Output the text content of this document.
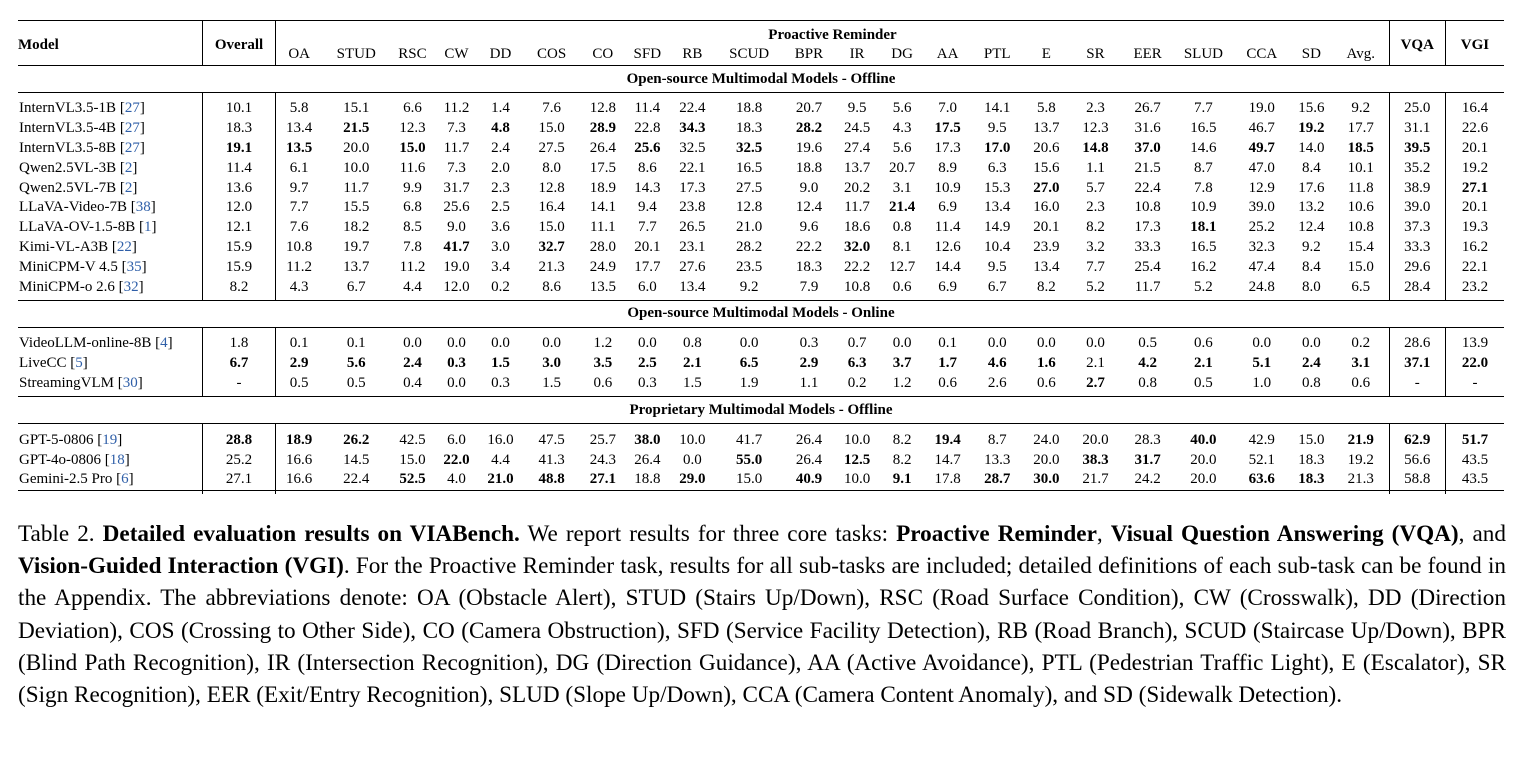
Model	Overall	Proactive Reminder																						VQA	VGI
		OA	STUD	RSC	CW	DD	COS	CO	SFD	RB	SCUD	BPR	IR	DG	AA	PTL	E	SR	EER	SLUD	CCA	SD	Avg.		
Open-source Multimodal Models - Offline																									

InternVL3.5-1B [27]	10.1	5.8	15.1	6.6	11.2	1.4	7.6	12.8	11.4	22.4	18.8	20.7	9.5	5.6	7.0	14.1	5.8	2.3	26.7	7.7	19.0	15.6	9.2	25.0	16.4
InternVL3.5-4B [27]	18.3	13.4	21.5	12.3	7.3	4.8	15.0	28.9	22.8	34.3	18.3	28.2	24.5	4.3	17.5	9.5	13.7	12.3	31.6	16.5	46.7	19.2	17.7	31.1	22.6
InternVL3.5-8B [27]	19.1	13.5	20.0	15.0	11.7	2.4	27.5	26.4	25.6	32.5	32.5	19.6	27.4	5.6	17.3	17.0	20.6	14.8	37.0	14.6	49.7	14.0	18.5	39.5	20.1
Qwen2.5VL-3B [2]	11.4	6.1	10.0	11.6	7.3	2.0	8.0	17.5	8.6	22.1	16.5	18.8	13.7	20.7	8.9	6.3	15.6	1.1	21.5	8.7	47.0	8.4	10.1	35.2	19.2
Qwen2.5VL-7B [2]	13.6	9.7	11.7	9.9	31.7	2.3	12.8	18.9	14.3	17.3	27.5	9.0	20.2	3.1	10.9	15.3	27.0	5.7	22.4	7.8	12.9	17.6	11.8	38.9	27.1
LLaVA-Video-7B [38]	12.0	7.7	15.5	6.8	25.6	2.5	16.4	14.1	9.4	23.8	12.8	12.4	11.7	21.4	6.9	13.4	16.0	2.3	10.8	10.9	39.0	13.2	10.6	39.0	20.1
LLaVA-OV-1.5-8B [1]	12.1	7.6	18.2	8.5	9.0	3.6	15.0	11.1	7.7	26.5	21.0	9.6	18.6	0.8	11.4	14.9	20.1	8.2	17.3	18.1	25.2	12.4	10.8	37.3	19.3
Kimi-VL-A3B [22]	15.9	10.8	19.7	7.8	41.7	3.0	32.7	28.0	20.1	23.1	28.2	22.2	32.0	8.1	12.6	10.4	23.9	3.2	33.3	16.5	32.3	9.2	15.4	33.3	16.2
MiniCPM-V 4.5 [35]	15.9	11.2	13.7	11.2	19.0	3.4	21.3	24.9	17.7	27.6	23.5	18.3	22.2	12.7	14.4	9.5	13.4	7.7	25.4	16.2	47.4	8.4	15.0	29.6	22.1
MiniCPM-o 2.6 [32]	8.2	4.3	6.7	4.4	12.0	0.2	8.6	13.5	6.0	13.4	9.2	7.9	10.8	0.6	6.9	6.7	8.2	5.2	11.7	5.2	24.8	8.0	6.5	28.4	23.2

Open-source Multimodal Models - Online																									

VideoLLM-online-8B [4]	1.8	0.1	0.1	0.0	0.0	0.0	0.0	1.2	0.0	0.8	0.0	0.3	0.7	0.0	0.1	0.0	0.0	0.0	0.5	0.6	0.0	0.0	0.2	28.6	13.9
LiveCC [5]	6.7	2.9	5.6	2.4	0.3	1.5	3.0	3.5	2.5	2.1	6.5	2.9	6.3	3.7	1.7	4.6	1.6	2.1	4.2	2.1	5.1	2.4	3.1	37.1	22.0
StreamingVLM [30]	-	0.5	0.5	0.4	0.0	0.3	1.5	0.6	0.3	1.5	1.9	1.1	0.2	1.2	0.6	2.6	0.6	2.7	0.8	0.5	1.0	0.8	0.6	-	-

Proprietary Multimodal Models - Offline																									

GPT-5-0806 [19]	28.8	18.9	26.2	42.5	6.0	16.0	47.5	25.7	38.0	10.0	41.7	26.4	10.0	8.2	19.4	8.7	24.0	20.0	28.3	40.0	42.9	15.0	21.9	62.9	51.7
GPT-4o-0806 [18]	25.2	16.6	14.5	15.0	22.0	4.4	41.3	24.3	26.4	0.0	55.0	26.4	12.5	8.2	14.7	13.3	20.0	38.3	31.7	20.0	52.1	18.3	19.2	56.6	43.5
Gemini-2.5 Pro [6]	27.1	16.6	22.4	52.5	4.0	21.0	48.8	27.1	18.8	29.0	15.0	40.9	10.0	9.1	17.8	28.7	30.0	21.7	24.2	20.0	63.6	18.3	21.3	58.8	43.5

Table 2. Detailed evaluation results on VIABench. We report results for three core tasks: Proactive Reminder, Visual Question Answering (VQA), and Vision-Guided Interaction (VGI). For the Proactive Reminder task, results for all sub-tasks are included; detailed definitions of each sub-task can be found in the Appendix. The abbreviations denote: OA (Obstacle Alert), STUD (Stairs Up/Down), RSC (Road Surface Condition), CW (Crosswalk), DD (Direction Deviation), COS (Crossing to Other Side), CO (Camera Obstruction), SFD (Service Facility Detection), RB (Road Branch), SCUD (Staircase Up/Down), BPR (Blind Path Recognition), IR (Intersection Recognition), DG (Direction Guidance), AA (Active Avoidance), PTL (Pedestrian Traffic Light), E (Escalator), SR (Sign Recognition), EER (Exit/Entry Recognition), SLUD (Slope Up/Down), CCA (Camera Content Anomaly), and SD (Sidewalk Detection).
